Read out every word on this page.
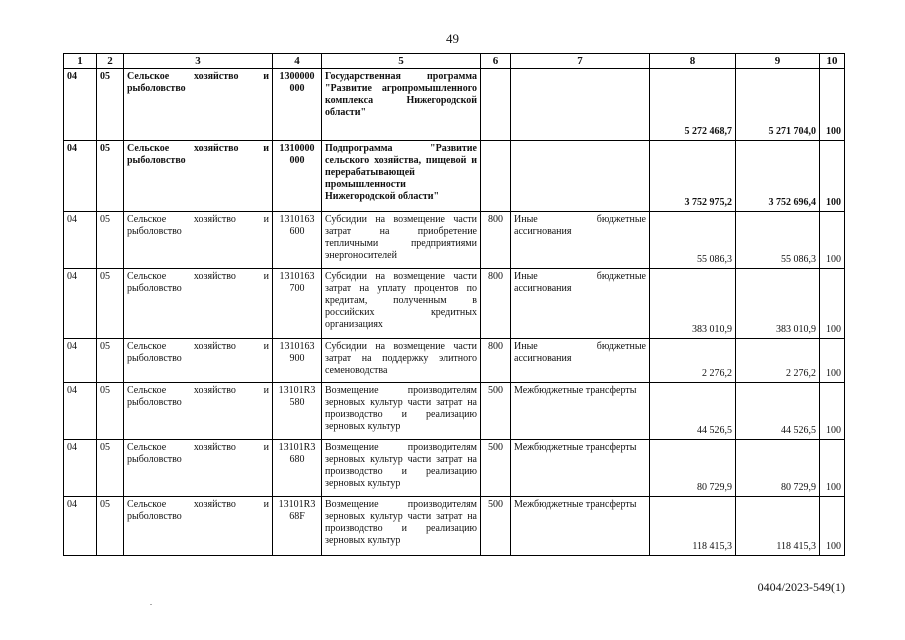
49
1	2	3	4	5	6	7	8	9	10
04	05	Сельское хозяйство и рыболовство	1300000 000	Государственная программа "Развитие агропромышленного комплекса Нижегородской области"			5 272 468,7	5 271 704,0	100
04	05	Сельское хозяйство и рыболовство	1310000 000	Подпрограмма "Развитие сельского хозяйства, пищевой и перерабатывающей промышленности Нижегородской области"			3 752 975,2	3 752 696,4	100
04	05	Сельское хозяйство и рыболовство	1310163 600	Субсидии на возмещение части затрат на приобретение тепличными предприятиями энергоносителей	800	Иные бюджетные ассигнования	55 086,3	55 086,3	100
04	05	Сельское хозяйство и рыболовство	1310163 700	Субсидии на возмещение части затрат на уплату процентов по кредитам, полученным в российских кредитных организациях	800	Иные бюджетные ассигнования	383 010,9	383 010,9	100
04	05	Сельское хозяйство и рыболовство	1310163 900	Субсидии на возмещение части затрат на поддержку элитного семеноводства	800	Иные бюджетные ассигнования	2 276,2	2 276,2	100
04	05	Сельское хозяйство и рыболовство	13101R3 580	Возмещение производителям зерновых культур части затрат на производство и реализацию зерновых культур	500	Межбюджетные трансферты	44 526,5	44 526,5	100
04	05	Сельское хозяйство и рыболовство	13101R3 680	Возмещение производителям зерновых культур части затрат на производство и реализацию зерновых культур	500	Межбюджетные трансферты	80 729,9	80 729,9	100
04	05	Сельское хозяйство и рыболовство	13101R3 68F	Возмещение производителям зерновых культур части затрат на производство и реализацию зерновых культур	500	Межбюджетные трансферты	118 415,3	118 415,3	100
0404/2023-549(1)
